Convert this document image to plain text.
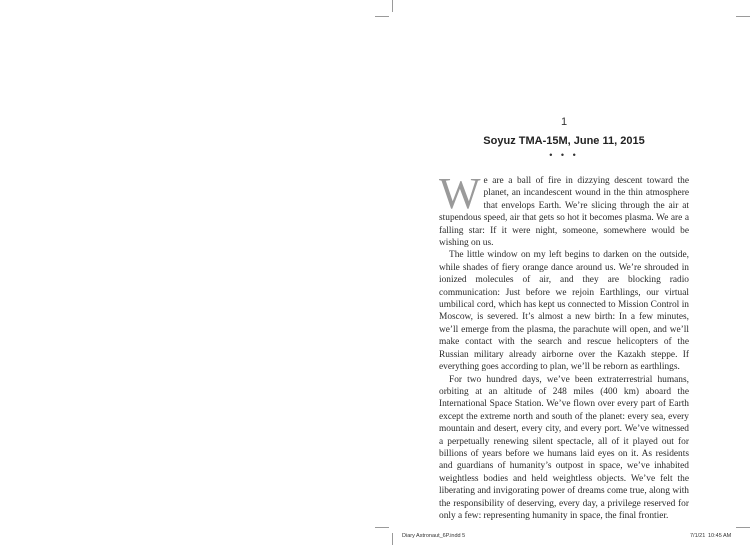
1
Soyuz TMA-15M, June 11, 2015
• • •

We are a ball of fire in dizzying descent toward the planet, an incandescent wound in the thin atmosphere that envelops Earth. We’re slicing through the air at stupendous speed, air that gets so hot it becomes plasma. We are a falling star: If it were night, someone, somewhere would be wishing on us.

The little window on my left begins to darken on the outside, while shades of fiery orange dance around us. We’re shrouded in ionized molecules of air, and they are blocking radio communication: Just before we rejoin Earthlings, our virtual umbilical cord, which has kept us connected to Mission Control in Moscow, is severed. It’s almost a new birth: In a few minutes, we’ll emerge from the plasma, the parachute will open, and we’ll make contact with the search and rescue helicopters of the Russian military already airborne over the Kazakh steppe. If everything goes according to plan, we’ll be reborn as earthlings.

For two hundred days, we’ve been extraterrestrial humans, orbiting at an altitude of 248 miles (400 km) aboard the International Space Station. We’ve flown over every part of Earth except the extreme north and south of the planet: every sea, every mountain and desert, every city, and every port. We’ve witnessed a perpetually renewing silent spectacle, all of it played out for billions of years before we humans laid eyes on it. As residents and guardians of humanity’s outpost in space, we’ve inhabited weightless bodies and held weightless objects. We’ve felt the liberating and invigorating power of dreams come true, along with the responsibility of deserving, every day, a privilege reserved for only a few: representing humanity in space, the final frontier.

Diary Astronaut_6P.indd 5	7/1/21 10:45 AM
